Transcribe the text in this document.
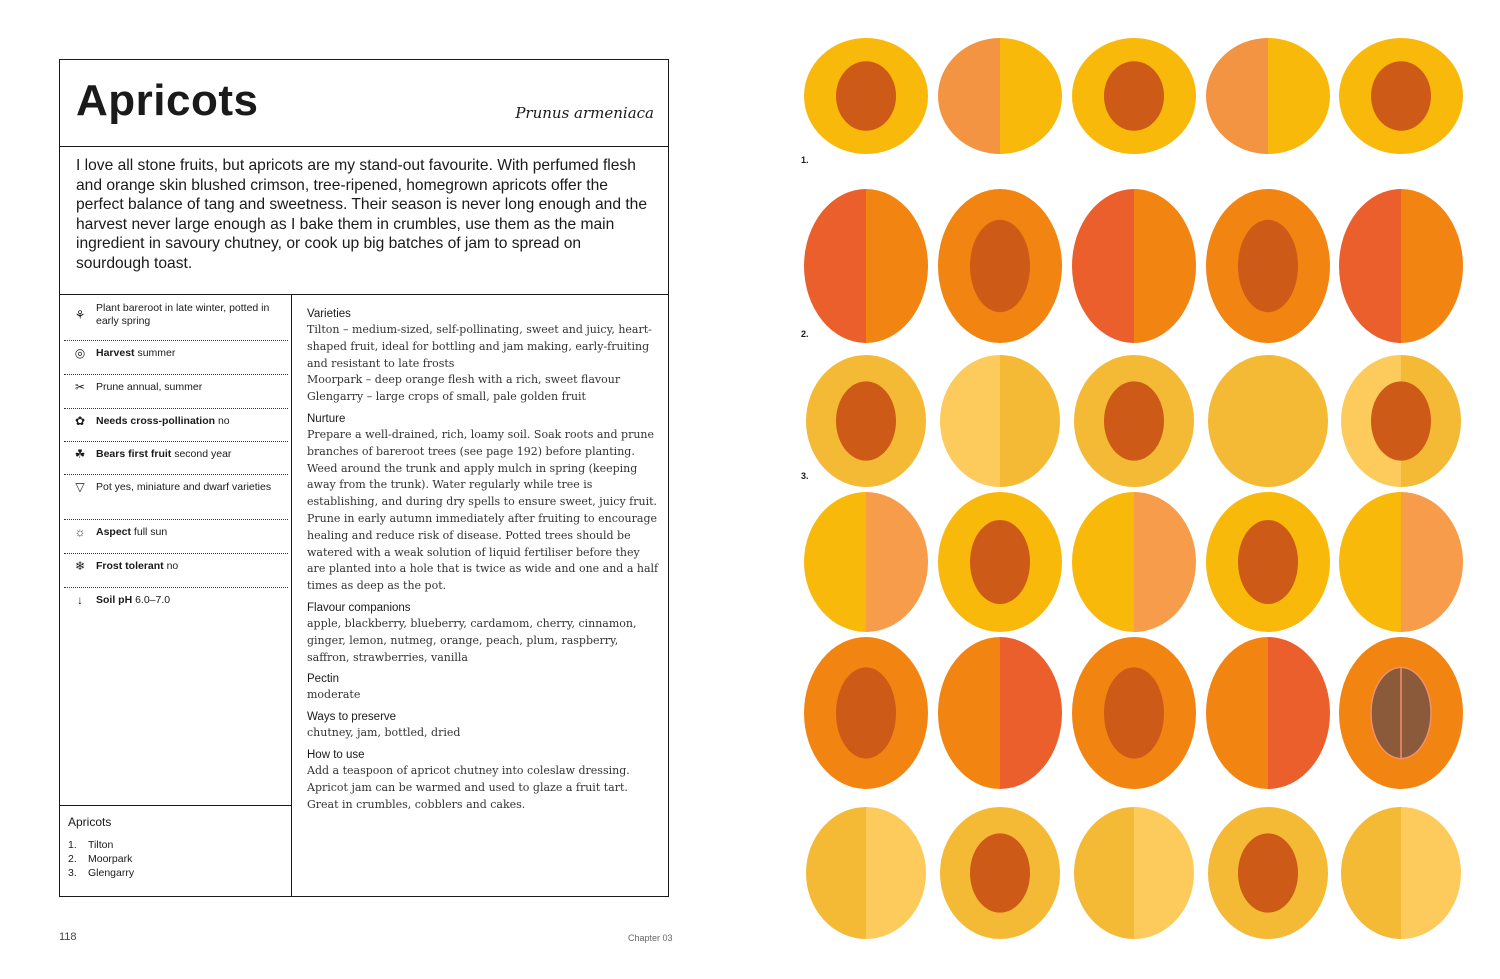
Apricots	Prunus armeniaca

I love all stone fruits, but apricots are my stand-out favourite. With perfumed flesh and orange skin blushed crimson, tree-ripened, homegrown apricots offer the perfect balance of tang and sweetness. Their season is never long enough and the harvest never large enough as I bake them in crumbles, use them as the main ingredient in savoury chutney, or cook up big batches of jam to spread on sourdough toast.

⚘	Plant bareroot in late winter, potted in early spring
◎	Harvest summer
✂	Prune annual, summer
✿	Needs cross-pollination no
☘	Bears first fruit second year
▽	Pot yes, miniature and dwarf varieties
☼	Aspect full sun
❄	Frost tolerant no
↓	Soil pH 6.0–7.0
Apricots
1. Tilton
2. Moorpark
3. Glengarry
Varieties

Tilton – medium-sized, self-pollinating, sweet and juicy, heart-shaped fruit, ideal for bottling and jam making, early-fruiting and resistant to late frosts

Moorpark – deep orange flesh with a rich, sweet flavour

Glengarry – large crops of small, pale golden fruit

Nurture

Prepare a well-drained, rich, loamy soil. Soak roots and prune branches of bareroot trees (see page 192) before planting. Weed around the trunk and apply mulch in spring (keeping away from the trunk). Water regularly while tree is establishing, and during dry spells to ensure sweet, juicy fruit. Prune in early autumn immediately after fruiting to encourage healing and reduce risk of disease. Potted trees should be watered with a weak solution of liquid fertiliser before they are planted into a hole that is twice as wide and one and a half times as deep as the pot.

Flavour companions

apple, blackberry, blueberry, cardamom, cherry, cinnamon, ginger, lemon, nutmeg, orange, peach, plum, raspberry, saffron, strawberries, vanilla

Pectin

moderate

Ways to preserve

chutney, jam, bottled, dried

How to use

Add a teaspoon of apricot chutney into coleslaw dressing. Apricot jam can be warmed and used to glaze a fruit tart. Great in crumbles, cobblers and cakes.

118	Chapter 03
1.
2.
3.
